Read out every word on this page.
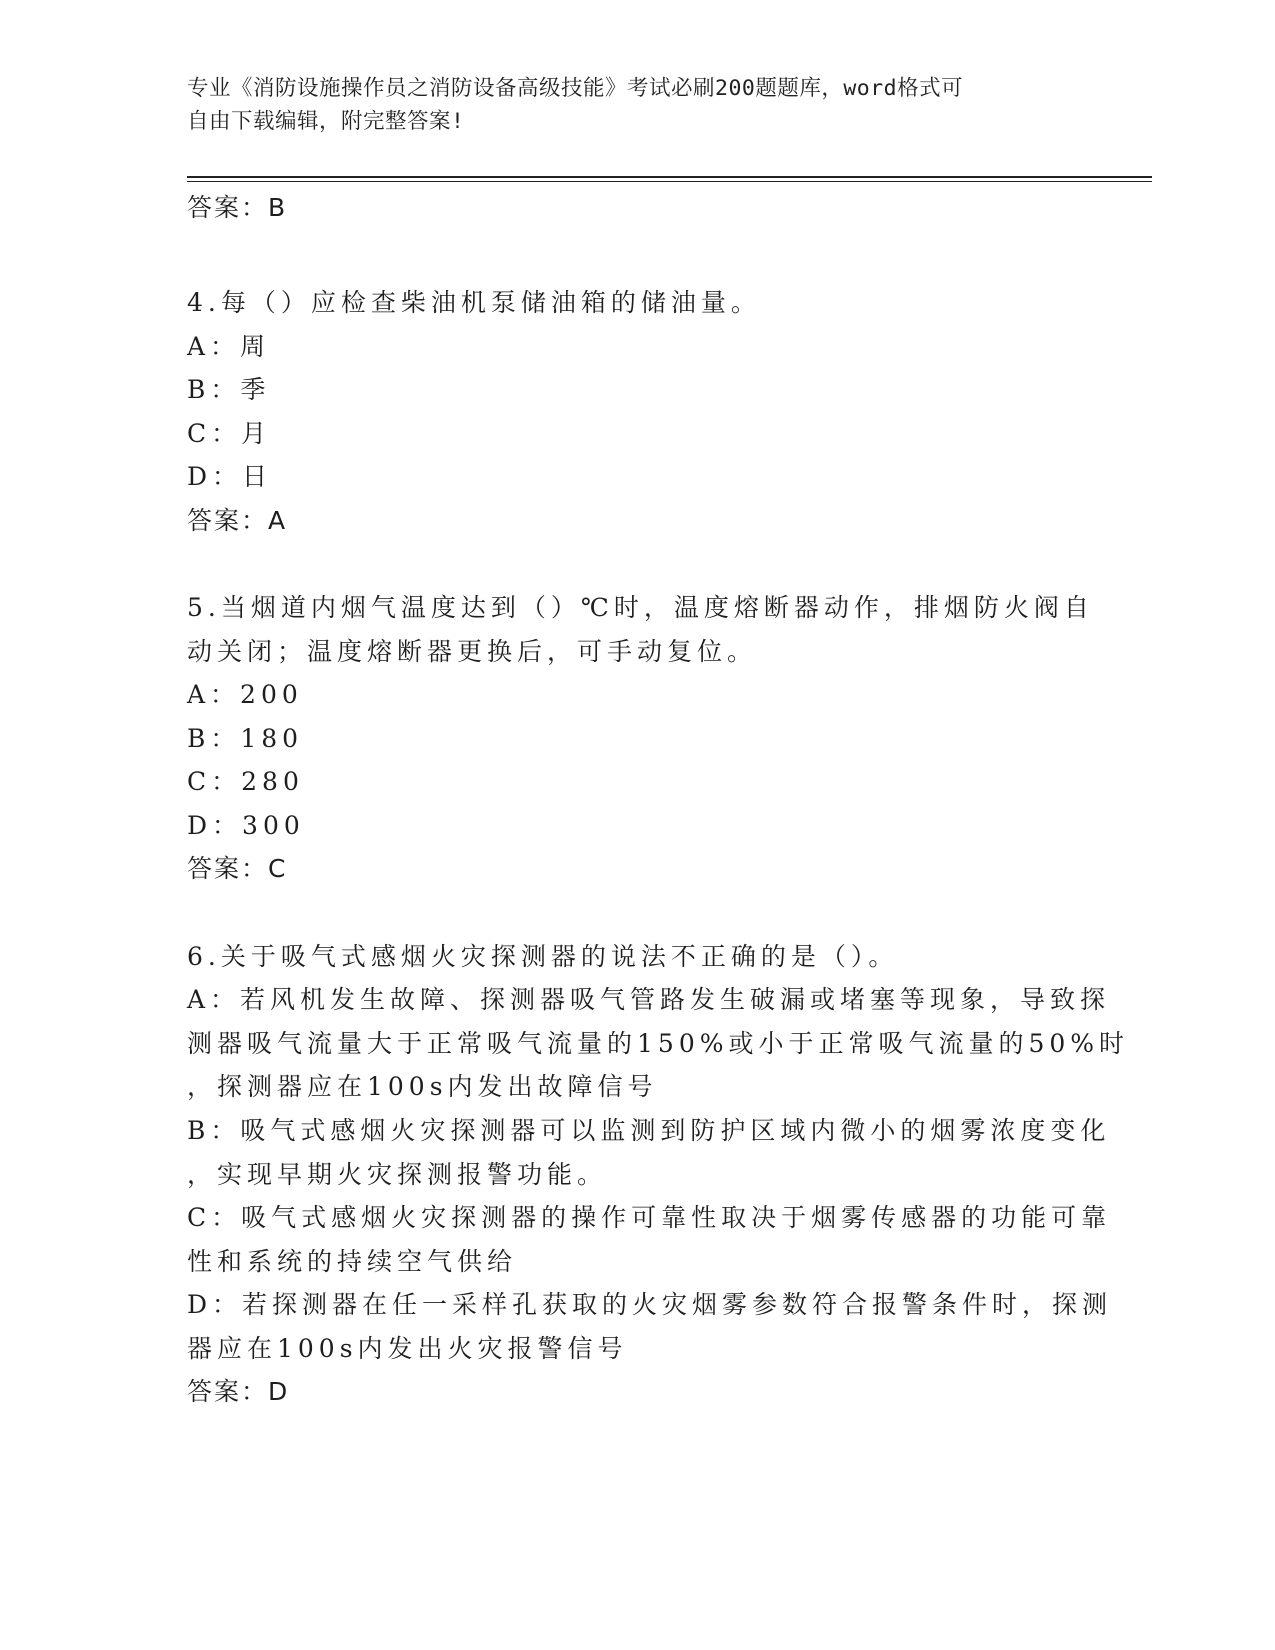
专业《消防设施操作员之消防设备高级技能》考试必刷200题题库，word格式可
自由下载编辑，附完整答案!
答案：B
4.每（）应检查柴油机泵储油箱的储油量。
A：周
B：季
C：月
D：日
答案：A
5.当烟道内烟气温度达到（）℃时，温度熔断器动作，排烟防火阀自
动关闭；温度熔断器更换后，可手动复位。
A：200
B：180
C：280
D：300
答案：C
6.关于吸气式感烟火灾探测器的说法不正确的是（）。
A：若风机发生故障、探测器吸气管路发生破漏或堵塞等现象，导致探
测器吸气流量大于正常吸气流量的150%或小于正常吸气流量的50%时
，探测器应在100s内发出故障信号
B：吸气式感烟火灾探测器可以监测到防护区域内微小的烟雾浓度变化
，实现早期火灾探测报警功能。
C：吸气式感烟火灾探测器的操作可靠性取决于烟雾传感器的功能可靠
性和系统的持续空气供给
D：若探测器在任一采样孔获取的火灾烟雾参数符合报警条件时，探测
器应在100s内发出火灾报警信号
答案：D
